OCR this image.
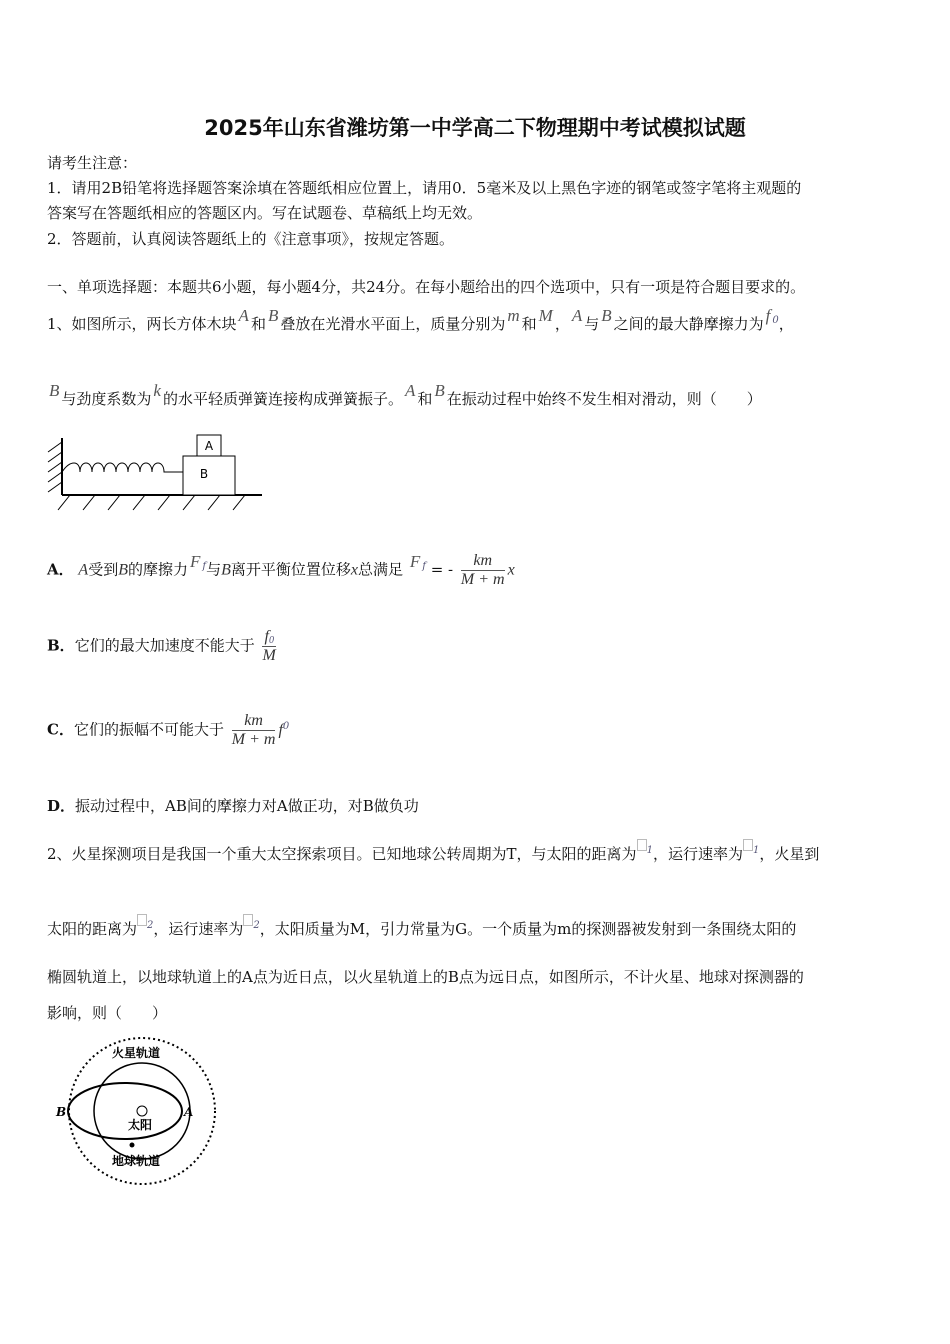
2025年山东省潍坊第一中学高二下物理期中考试模拟试题
请考生注意：
1．请用2B铅笔将选择题答案涂填在答题纸相应位置上，请用0．5毫米及以上黑色字迹的钢笔或签字笔将主观题的
答案写在答题纸相应的答题区内。写在试题卷、草稿纸上均无效。
2．答题前，认真阅读答题纸上的《注意事项》，按规定答题。
一、单项选择题：本题共6小题，每小题4分，共24分。在每小题给出的四个选项中，只有一项是符合题目要求的。
1、如图所示，两长方体木块 A 和 B 叠放在光滑水平面上，质量分别为 m 和 M ， A 与 B 之间的最大静摩擦力为 f $^0$，
B 与劲度系数为 k 的水平轻质弹簧连接构成弹簧振子。 A 和 B 在振动过程中始终不发生相对滑动，则（　　）
A
B
A． A受到B的摩擦力 F $^f$与B离开平衡位置位移x总满足 F $^f$ = - $\frac{km}{M + m}$ x
B．它们的最大加速度不能大于 $\frac{f0}{M}$
C．它们的振幅不可能大于 $\frac{km}{M + m} f^0$
D．振动过程中，AB间的摩擦力对A做正功，对B做负功
2、火星探测项目是我国一个重大太空探索项目。已知地球公转周期为T，与太阳的距离为 $^1$，运行速率为 $^1$，火星到
太阳的距离为 $^2$，运行速率为 $^2$，太阳质量为M，引力常量为G。一个质量为m的探测器被发射到一条围绕太阳的
椭圆轨道上，以地球轨道上的A点为近日点，以火星轨道上的B点为远日点，如图所示，不计火星、地球对探测器的
影响，则（　　）
火星轨道
地球轨道
太阳
B	A
